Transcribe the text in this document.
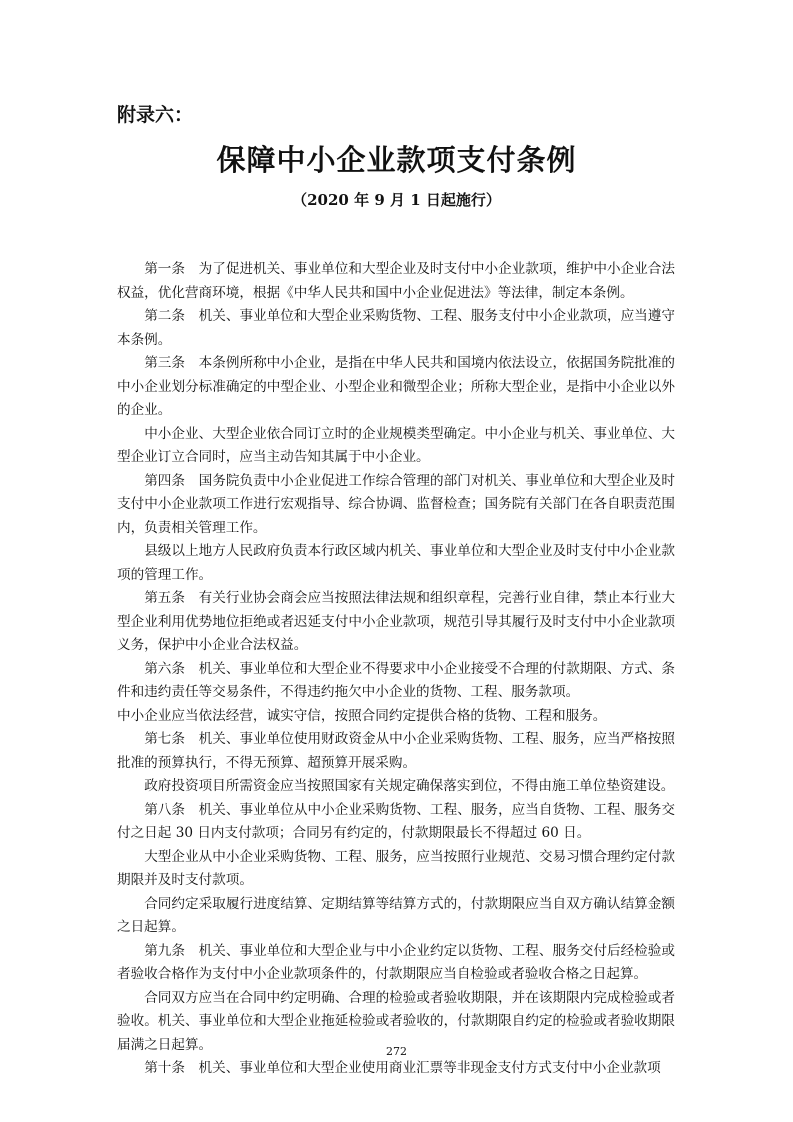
附录六：

保障中小企业款项支付条例

（2020 年 9 月 1 日起施行）

第一条　为了促进机关、事业单位和大型企业及时支付中小企业款项，维护中小企业合法权益，优化营商环境，根据《中华人民共和国中小企业促进法》等法律，制定本条例。

第二条　机关、事业单位和大型企业采购货物、工程、服务支付中小企业款项，应当遵守本条例。

第三条　本条例所称中小企业，是指在中华人民共和国境内依法设立，依据国务院批准的中小企业划分标准确定的中型企业、小型企业和微型企业；所称大型企业，是指中小企业以外的企业。

中小企业、大型企业依合同订立时的企业规模类型确定。中小企业与机关、事业单位、大型企业订立合同时，应当主动告知其属于中小企业。

第四条　国务院负责中小企业促进工作综合管理的部门对机关、事业单位和大型企业及时支付中小企业款项工作进行宏观指导、综合协调、监督检查；国务院有关部门在各自职责范围内，负责相关管理工作。

县级以上地方人民政府负责本行政区域内机关、事业单位和大型企业及时支付中小企业款项的管理工作。

第五条　有关行业协会商会应当按照法律法规和组织章程，完善行业自律，禁止本行业大型企业利用优势地位拒绝或者迟延支付中小企业款项，规范引导其履行及时支付中小企业款项义务，保护中小企业合法权益。

第六条　机关、事业单位和大型企业不得要求中小企业接受不合理的付款期限、方式、条件和违约责任等交易条件，不得违约拖欠中小企业的货物、工程、服务款项。

中小企业应当依法经营，诚实守信，按照合同约定提供合格的货物、工程和服务。

第七条　机关、事业单位使用财政资金从中小企业采购货物、工程、服务，应当严格按照批准的预算执行，不得无预算、超预算开展采购。

政府投资项目所需资金应当按照国家有关规定确保落实到位，不得由施工单位垫资建设。

第八条　机关、事业单位从中小企业采购货物、工程、服务，应当自货物、工程、服务交付之日起 30 日内支付款项；合同另有约定的，付款期限最长不得超过 60 日。

大型企业从中小企业采购货物、工程、服务，应当按照行业规范、交易习惯合理约定付款期限并及时支付款项。

合同约定采取履行进度结算、定期结算等结算方式的，付款期限应当自双方确认结算金额之日起算。

第九条　机关、事业单位和大型企业与中小企业约定以货物、工程、服务交付后经检验或者验收合格作为支付中小企业款项条件的，付款期限应当自检验或者验收合格之日起算。

合同双方应当在合同中约定明确、合理的检验或者验收期限，并在该期限内完成检验或者验收。机关、事业单位和大型企业拖延检验或者验收的，付款期限自约定的检验或者验收期限届满之日起算。

第十条　机关、事业单位和大型企业使用商业汇票等非现金支付方式支付中小企业款项

272
